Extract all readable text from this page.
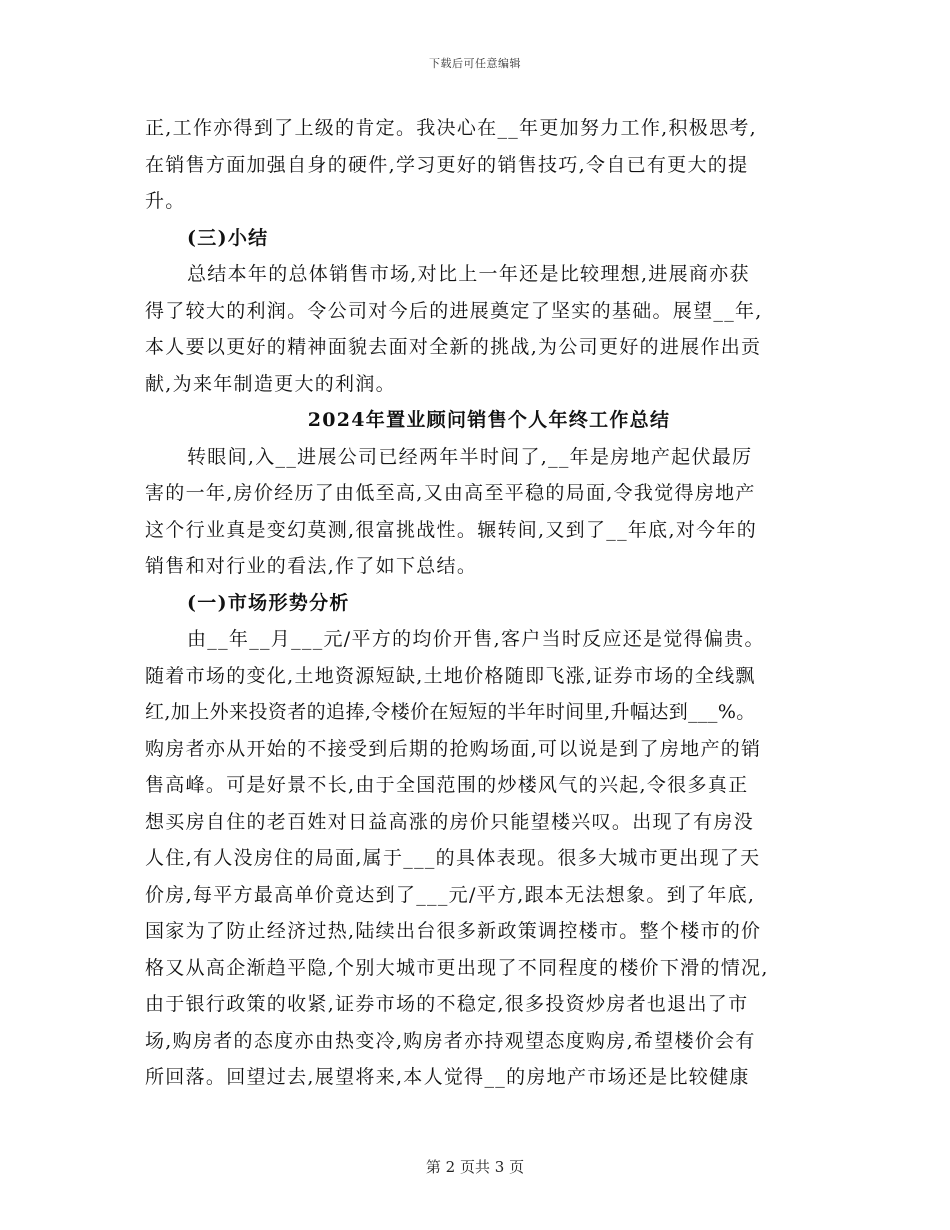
下载后可任意编辑
正,工作亦得到了上级的肯定。我决心在__年更加努力工作,积极思考,
在销售方面加强自身的硬件,学习更好的销售技巧,令自已有更大的提
升。
(三)小结
总结本年的总体销售市场,对比上一年还是比较理想,进展商亦获
得了较大的利润。令公司对今后的进展奠定了坚实的基础。展望__年,
本人要以更好的精神面貌去面对全新的挑战,为公司更好的进展作出贡
献,为来年制造更大的利润。
2024年置业顾问销售个人年终工作总结
转眼间,入__进展公司已经两年半时间了,__年是房地产起伏最厉
害的一年,房价经历了由低至高,又由高至平稳的局面,令我觉得房地产
这个行业真是变幻莫测,很富挑战性。辗转间,又到了__年底,对今年的
销售和对行业的看法,作了如下总结。
(一)市场形势分析
由__年__月___元/平方的均价开售,客户当时反应还是觉得偏贵。
随着市场的变化,土地资源短缺,土地价格随即飞涨,证券市场的全线飘
红,加上外来投资者的追捧,令楼价在短短的半年时间里,升幅达到___%。
购房者亦从开始的不接受到后期的抢购场面,可以说是到了房地产的销
售高峰。可是好景不长,由于全国范围的炒楼风气的兴起,令很多真正
想买房自住的老百姓对日益高涨的房价只能望楼兴叹。出现了有房没
人住,有人没房住的局面,属于___的具体表现。很多大城市更出现了天
价房,每平方最高单价竟达到了___元/平方,跟本无法想象。到了年底,
国家为了防止经济过热,陆续出台很多新政策调控楼市。整个楼市的价
格又从高企渐趋平隐,个别大城市更出现了不同程度的楼价下滑的情况,
由于银行政策的收紧,证券市场的不稳定,很多投资炒房者也退出了市
场,购房者的态度亦由热变冷,购房者亦持观望态度购房,希望楼价会有
所回落。回望过去,展望将来,本人觉得__的房地产市场还是比较健康
第 2 页共 3 页
